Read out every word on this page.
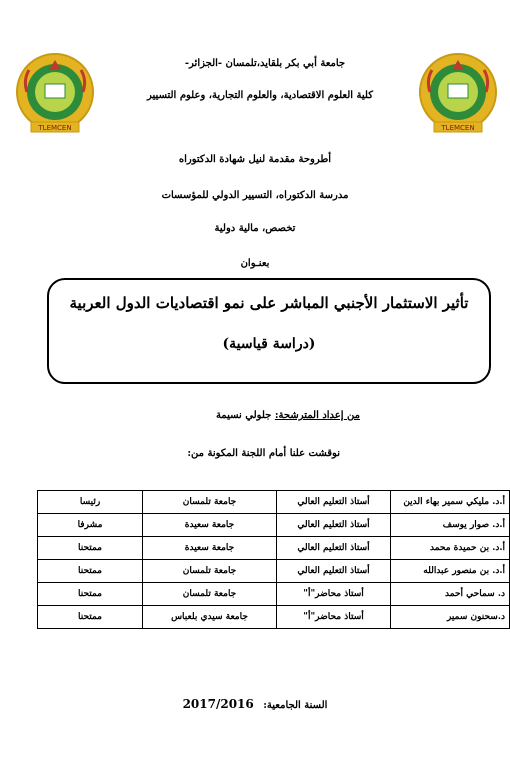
TLEMCEN	TLEMCEN
جامعة أبي بكر بلقايد،تلمسان -الجزائر-
كلية العلوم الاقتصادية، والعلوم التجارية، وعلوم التسيير
أطروحة مقدمة لنيل شهادة الدكتوراه
مدرسة الدكتوراه، التسيير الدولي للمؤسسات
تخصص، مالية دولية
بعنـوان
تأثير الاستثمار الأجنبي المباشر على نمو اقتصاديات الدول العربية
(دراسة قياسية)
من إعداد المترشحة: جلولي نسيمة
نوقشت علنا أمام اللجنة المكونة من:
أ.د. مليكي سمير بهاء الدين	أستاذ التعليم العالي	جامعة تلمسان	رئيسا
أ.د. صوار يوسف	أستاذ التعليم العالي	جامعة سعيدة	مشرفا
أ.د. بن حميدة محمد	أستاذ التعليم العالي	جامعة سعيدة	ممتحنا
أ.د. بن منصور عبدالله	أستاذ التعليم العالي	جامعة تلمسان	ممتحنا
د. سماحي أحمد	أستاذ محاضر"أ"	جامعة تلمسان	ممتحنا
د.سحنون سمير	أستاذ محاضر"أ"	جامعة سيدي بلعباس	ممتحنا
السنة الجامعية: 2017/2016
